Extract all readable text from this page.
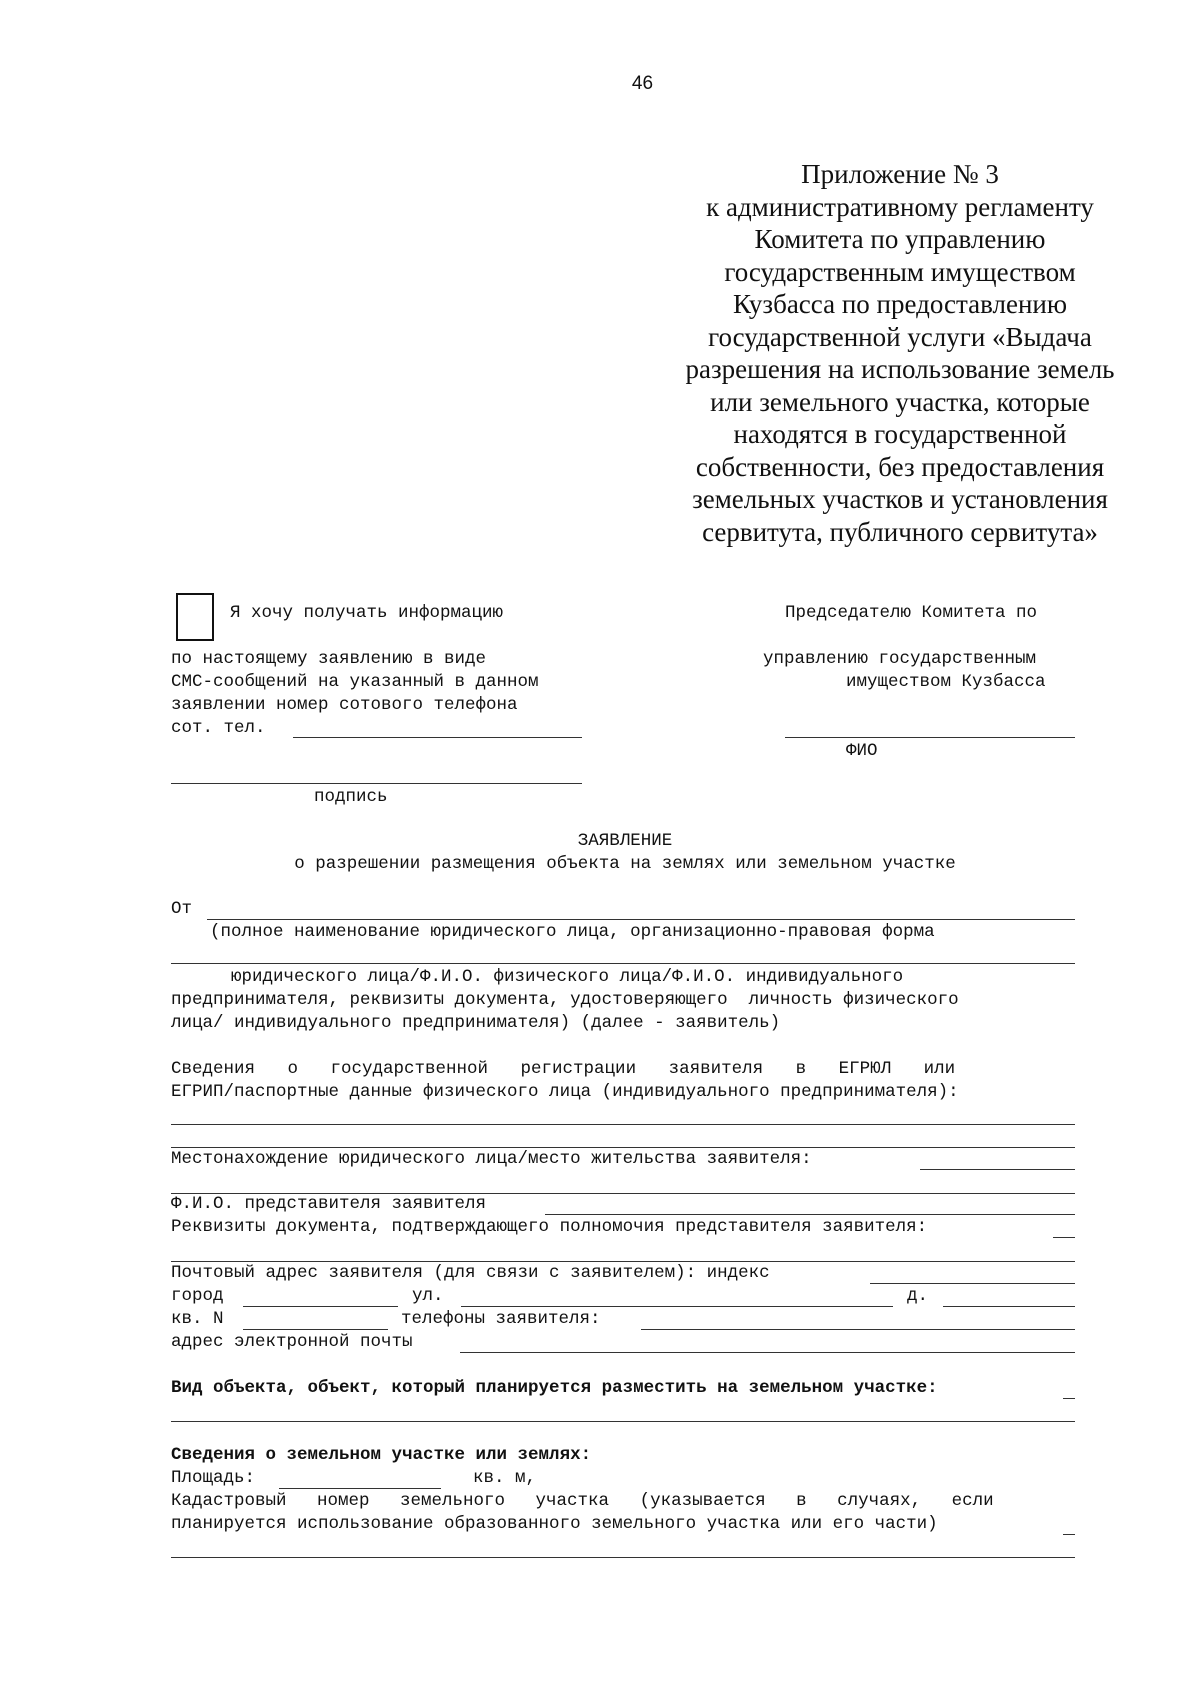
46
Приложение № 3
к административному регламенту
Комитета по управлению
государственным имуществом
Кузбасса по предоставлению
государственной услуги «Выдача
разрешения на использование земель
или земельного участка, которые
находятся в государственной
собственности, без предоставления
земельных участков и установления
сервитута, публичного сервитута»
Я хочу получать информацию
по настоящему заявлению в виде
СМС-сообщений на указанный в данном
заявлении номер сотового телефона
сот. тел.
подпись
Председателю Комитета по
управлению государственным
имуществом Кузбасса
ФИО
ЗАЯВЛЕНИЕ
о разрешении размещения объекта на землях или земельном участке
От
(полное наименование юридического лица, организационно-правовая форма
юридического лица/Ф.И.О. физического лица/Ф.И.О. индивидуального
предпринимателя, реквизиты документа, удостоверяющего  личность физического
лица/ индивидуального предпринимателя) (далее - заявитель)
Сведения о государственной регистрации заявителя в ЕГРЮЛ или
ЕГРИП/паспортные данные физического лица (индивидуального предпринимателя):
Местонахождение юридического лица/место жительства заявителя:
Ф.И.О. представителя заявителя
Реквизиты документа, подтверждающего полномочия представителя заявителя:
Почтовый адрес заявителя (для связи с заявителем): индекс
город	ул.	д.
кв. N	телефоны заявителя:
адрес электронной почты
Вид объекта, объект, который планируется разместить на земельном участке:
Сведения о земельном участке или землях:
Площадь:	кв. м,
Кадастровый номер земельного участка (указывается в случаях, если
планируется использование образованного земельного участка или его части)
